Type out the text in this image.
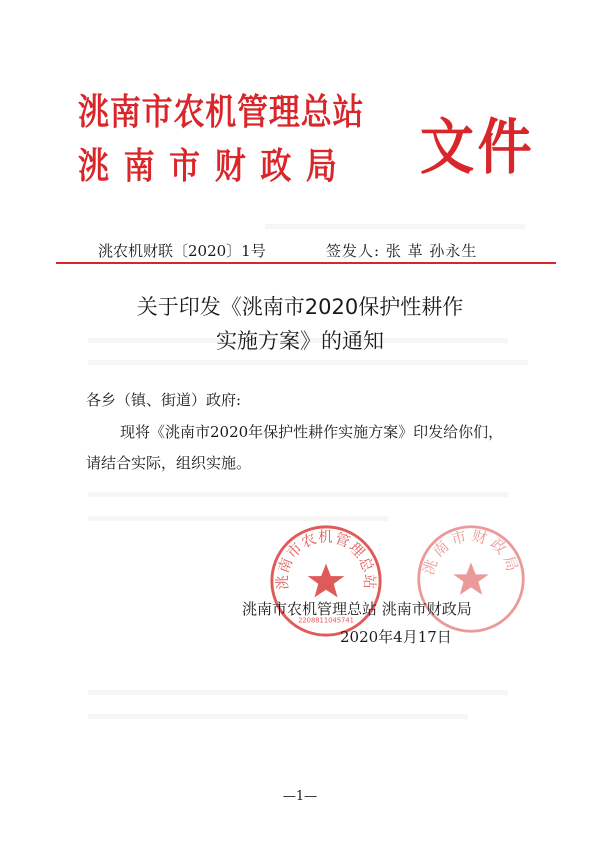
洮南市农机管理总站
洮南市财政局 文件
洮农机财联〔2020〕1号	签发人: 张 革 孙永生
关于印发《洮南市2020保护性耕作
实施方案》的通知
各乡（镇、街道）政府:
现将《洮南市2020年保护性耕作实施方案》印发给你们，
请结合实际，组织实施。
洮南市农机管理总站
2208811045741
洮南市财政局
洮南市农机管理总站 洮南市财政局
2020年4月17日
—1—
